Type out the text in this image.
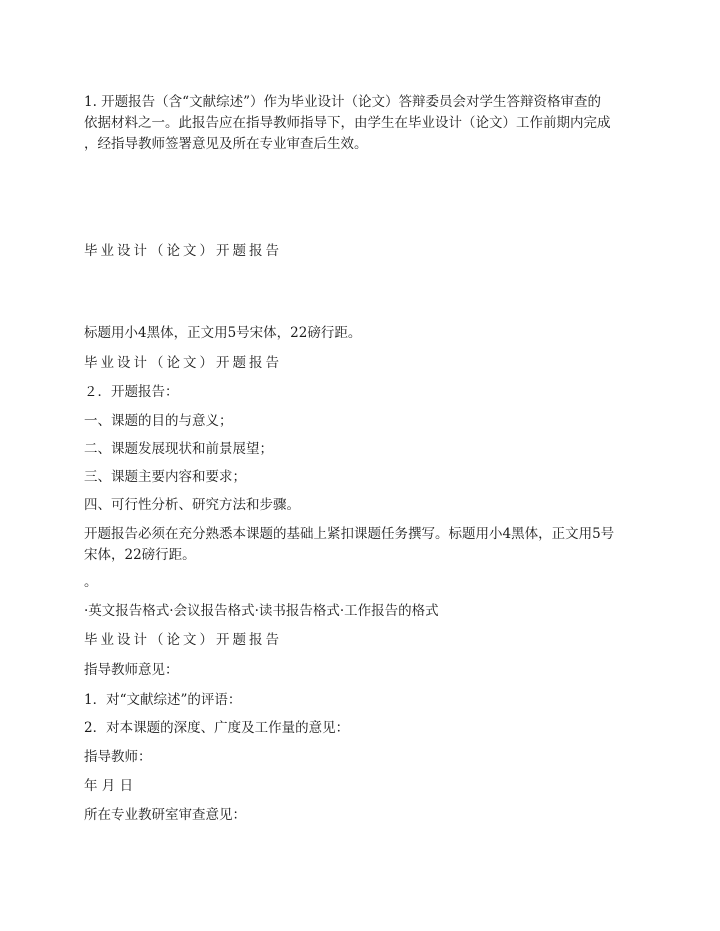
1. 开题报告（含“文献综述”）作为毕业设计（论文）答辩委员会对学生答辩资格审查的
依据材料之一。此报告应在指导教师指导下，由学生在毕业设计（论文）工作前期内完成
，经指导教师签署意见及所在专业审查后生效。
毕业设计（论文）开题报告
标题用小4黑体，正文用5号宋体，22磅行距。
毕业设计（论文）开题报告
２．开题报告：
一、课题的目的与意义；
二、课题发展现状和前景展望；
三、课题主要内容和要求；
四、可行性分析、研究方法和步骤。
开题报告必须在充分熟悉本课题的基础上紧扣课题任务撰写。标题用小4黑体，正文用5号
宋体，22磅行距。
。
·英文报告格式·会议报告格式·读书报告格式·工作报告的格式
毕业设计（论文）开题报告
指导教师意见：
1．对“文献综述”的评语：
2．对本课题的深度、广度及工作量的意见：
指导教师：
年 月 日
所在专业教研室审查意见：
